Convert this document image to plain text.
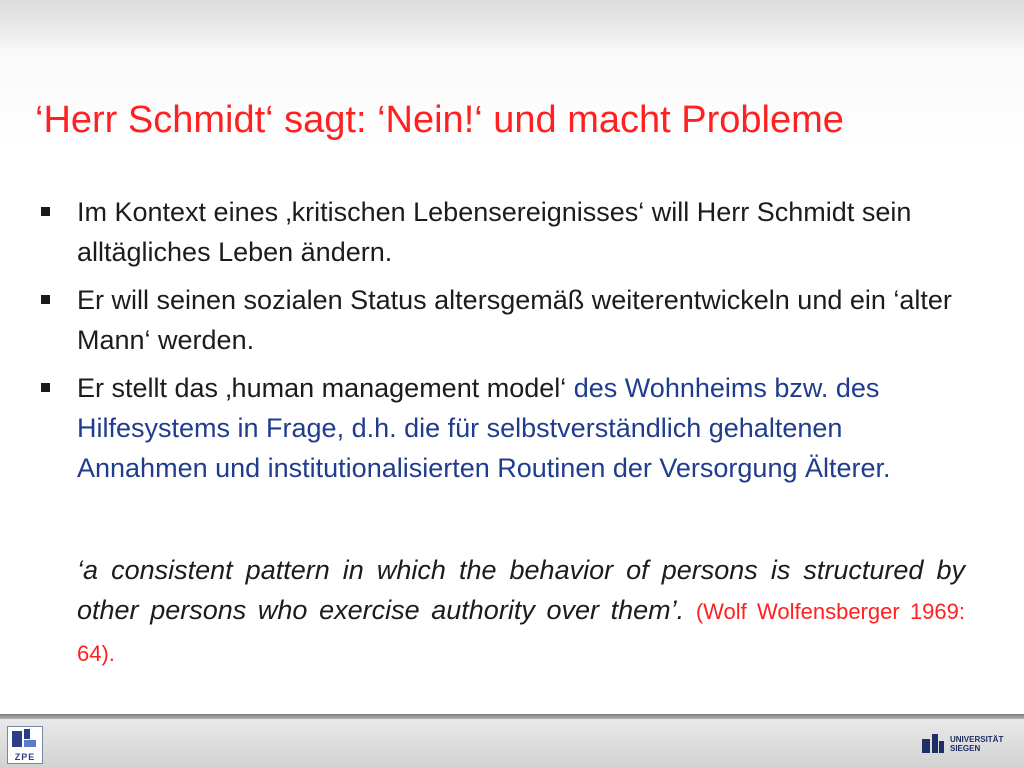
‘Herr Schmidt‘ sagt: ‘Nein!‘ und macht Probleme
Im Kontext eines ‚kritischen Lebensereignisses‘ will Herr Schmidt sein alltägliches Leben ändern.
Er will seinen sozialen Status altersgemäß weiterentwickeln und ein ‘alter Mann‘ werden.
Er stellt das ‚human management model‘ des Wohnheims bzw. des Hilfesystems in Frage, d.h. die für selbstverständlich gehaltenen Annahmen und institutionalisierten Routinen der Versorgung Älterer.
‘a consistent pattern in which the behavior of persons is structured by other persons who exercise authority over them’. (Wolf Wolfensberger 1969: 64).
ZPE
UNIVERSITÄT
SIEGEN
